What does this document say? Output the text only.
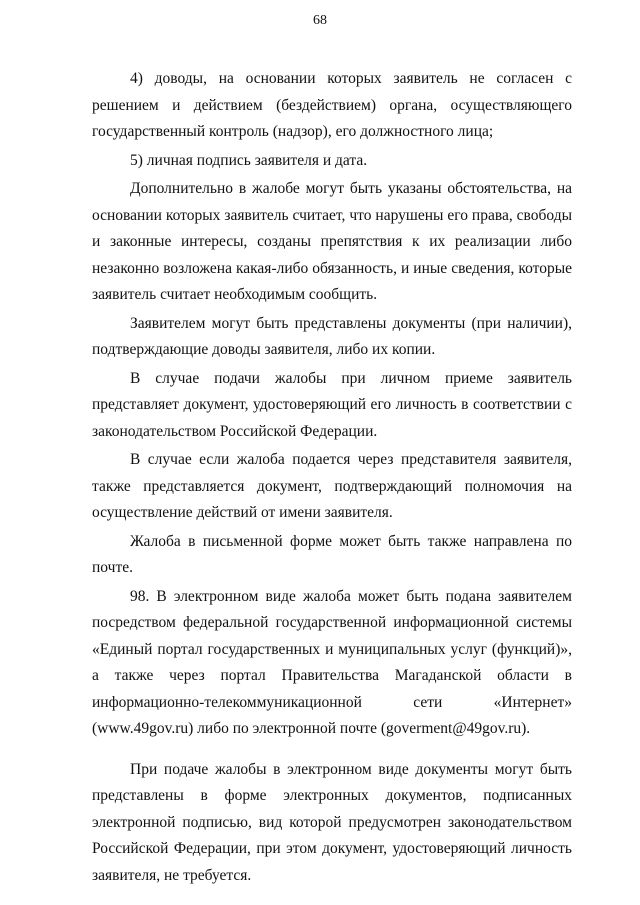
68

4) доводы, на основании которых заявитель не согласен с решением и действием (бездействием) органа, осуществляющего государственный контроль (надзор), его должностного лица;

5) личная подпись заявителя и дата.

Дополнительно в жалобе могут быть указаны обстоятельства, на основании которых заявитель считает, что нарушены его права, свободы и законные интересы, созданы препятствия к их реализации либо незаконно возложена какая-либо обязанность, и иные сведения, которые заявитель считает необходимым сообщить.

Заявителем могут быть представлены документы (при наличии), подтверждающие доводы заявителя, либо их копии.

В случае подачи жалобы при личном приеме заявитель представляет документ, удостоверяющий его личность в соответствии с законодательством Российской Федерации.

В случае если жалоба подается через представителя заявителя, также представляется документ, подтверждающий полномочия на осуществление действий от имени заявителя.

Жалоба в письменной форме может быть также направлена по почте.

98. В электронном виде жалоба может быть подана заявителем посредством федеральной государственной информационной системы «Единый портал государственных и муниципальных услуг (функций)», а также через портал Правительства Магаданской области в информационно-телекоммуникационной сети «Интернет» (www.49gov.ru) либо по электронной почте (goverment@49gov.ru).

При подаче жалобы в электронном виде документы могут быть представлены в форме электронных документов, подписанных электронной подписью, вид которой предусмотрен законодательством Российской Федерации, при этом документ, удостоверяющий личность заявителя, не требуется.
